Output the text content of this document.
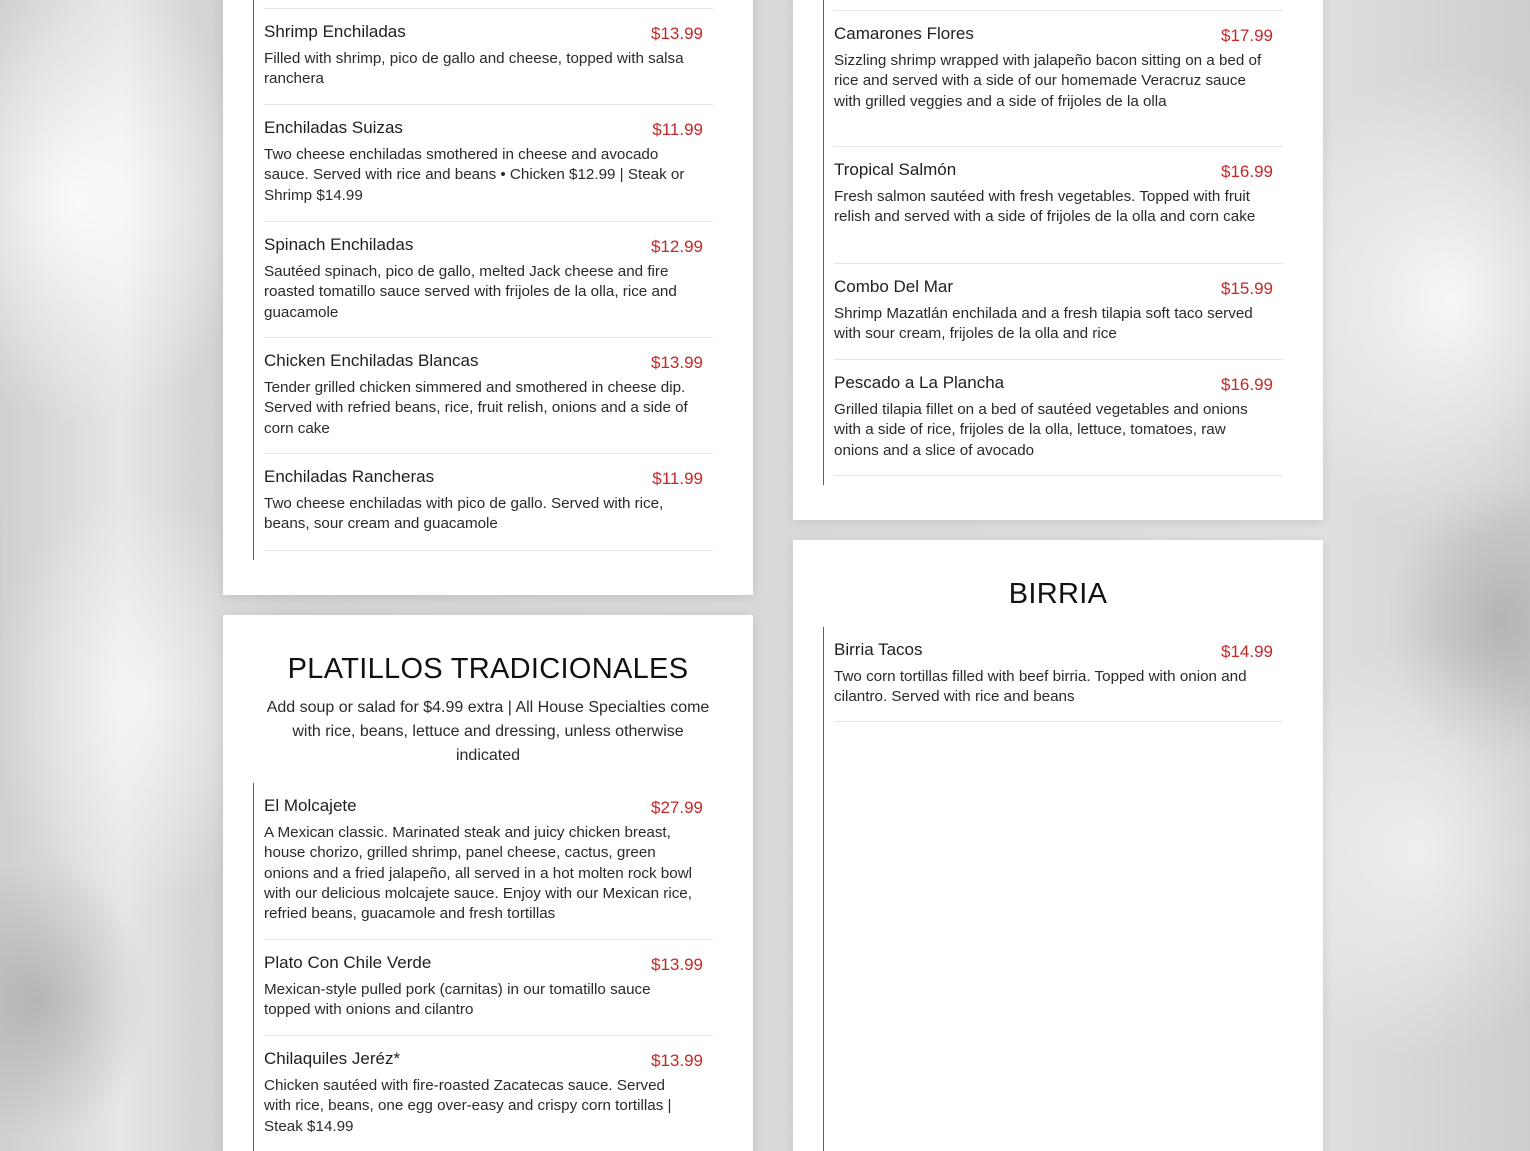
Shrimp Enchiladas	$13.99
Filled with shrimp, pico de gallo and cheese, topped with salsa ranchera
Enchiladas Suizas	$11.99
Two cheese enchiladas smothered in cheese and avocado sauce. Served with rice and beans • Chicken $12.99 | Steak or Shrimp $14.99
Spinach Enchiladas	$12.99
Sautéed spinach, pico de gallo, melted Jack cheese and fire roasted tomatillo sauce served with frijoles de la olla, rice and guacamole
Chicken Enchiladas Blancas	$13.99
Tender grilled chicken simmered and smothered in cheese dip. Served with refried beans, rice, fruit relish, onions and a side of corn cake
Enchiladas Rancheras	$11.99
Two cheese enchiladas with pico de gallo. Served with rice, beans, sour cream and guacamole
PLATILLOS TRADICIONALES
Add soup or salad for $4.99 extra | All House Specialties come with rice, beans, lettuce and dressing, unless otherwise indicated
El Molcajete	$27.99
A Mexican classic. Marinated steak and juicy chicken breast, house chorizo, grilled shrimp, panel cheese, cactus, green onions and a fried jalapeño, all served in a hot molten rock bowl with our delicious molcajete sauce. Enjoy with our Mexican rice, refried beans, guacamole and fresh tortillas
Plato Con Chile Verde	$13.99
Mexican-style pulled pork (carnitas) in our tomatillo sauce topped with onions and cilantro
Chilaquiles Jeréz*	$13.99
Chicken sautéed with fire-roasted Zacatecas sauce. Served with rice, beans, one egg over-easy and crispy corn tortillas | Steak $14.99
Camarones Flores	$17.99
Sizzling shrimp wrapped with jalapeño bacon sitting on a bed of rice and served with a side of our homemade Veracruz sauce with grilled veggies and a side of frijoles de la olla
Tropical Salmón	$16.99
Fresh salmon sautéed with fresh vegetables. Topped with fruit relish and served with a side of frijoles de la olla and corn cake
Combo Del Mar	$15.99
Shrimp Mazatlán enchilada and a fresh tilapia soft taco served with sour cream, frijoles de la olla and rice
Pescado a La Plancha	$16.99
Grilled tilapia fillet on a bed of sautéed vegetables and onions with a side of rice, frijoles de la olla, lettuce, tomatoes, raw onions and a slice of avocado
BIRRIA
Birria Tacos	$14.99
Two corn tortillas filled with beef birria. Topped with onion and cilantro. Served with rice and beans
